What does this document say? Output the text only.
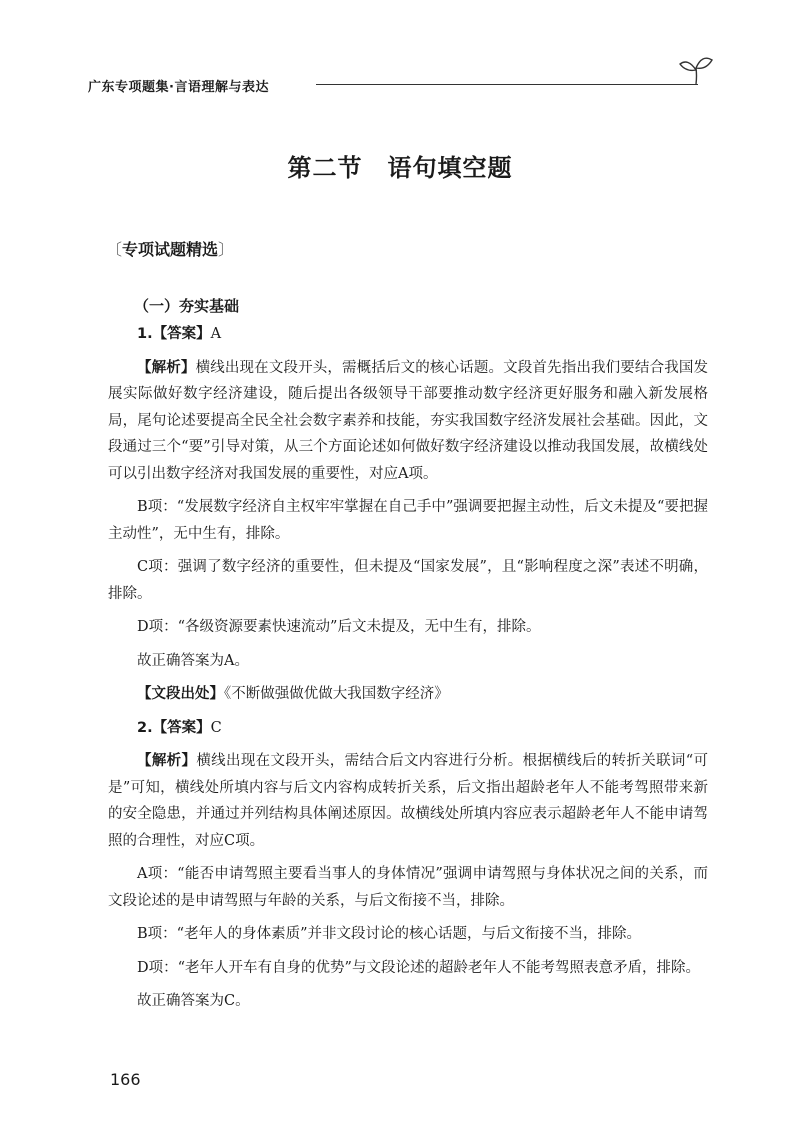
广东专项题集·言语理解与表达
第二节　语句填空题
〔专项试题精选〕
（一）夯实基础

1.【答案】A

【解析】横线出现在文段开头，需概括后文的核心话题。文段首先指出我们要结合我国发展实际做好数字经济建设，随后提出各级领导干部要推动数字经济更好服务和融入新发展格局，尾句论述要提高全民全社会数字素养和技能，夯实我国数字经济发展社会基础。因此，文段通过三个“要”引导对策，从三个方面论述如何做好数字经济建设以推动我国发展，故横线处可以引出数字经济对我国发展的重要性，对应A项。

B项：“发展数字经济自主权牢牢掌握在自己手中”强调要把握主动性，后文未提及“要把握主动性”，无中生有，排除。

C项：强调了数字经济的重要性，但未提及“国家发展”，且“影响程度之深”表述不明确，排除。

D项：“各级资源要素快速流动”后文未提及，无中生有，排除。

故正确答案为A。

【文段出处】《不断做强做优做大我国数字经济》

2.【答案】C

【解析】横线出现在文段开头，需结合后文内容进行分析。根据横线后的转折关联词“可是”可知，横线处所填内容与后文内容构成转折关系，后文指出超龄老年人不能考驾照带来新的安全隐患，并通过并列结构具体阐述原因。故横线处所填内容应表示超龄老年人不能申请驾照的合理性，对应C项。

A项：“能否申请驾照主要看当事人的身体情况”强调申请驾照与身体状况之间的关系，而文段论述的是申请驾照与年龄的关系，与后文衔接不当，排除。

B项：“老年人的身体素质”并非文段讨论的核心话题，与后文衔接不当，排除。

D项：“老年人开车有自身的优势”与文段论述的超龄老年人不能考驾照表意矛盾，排除。

故正确答案为C。

166
